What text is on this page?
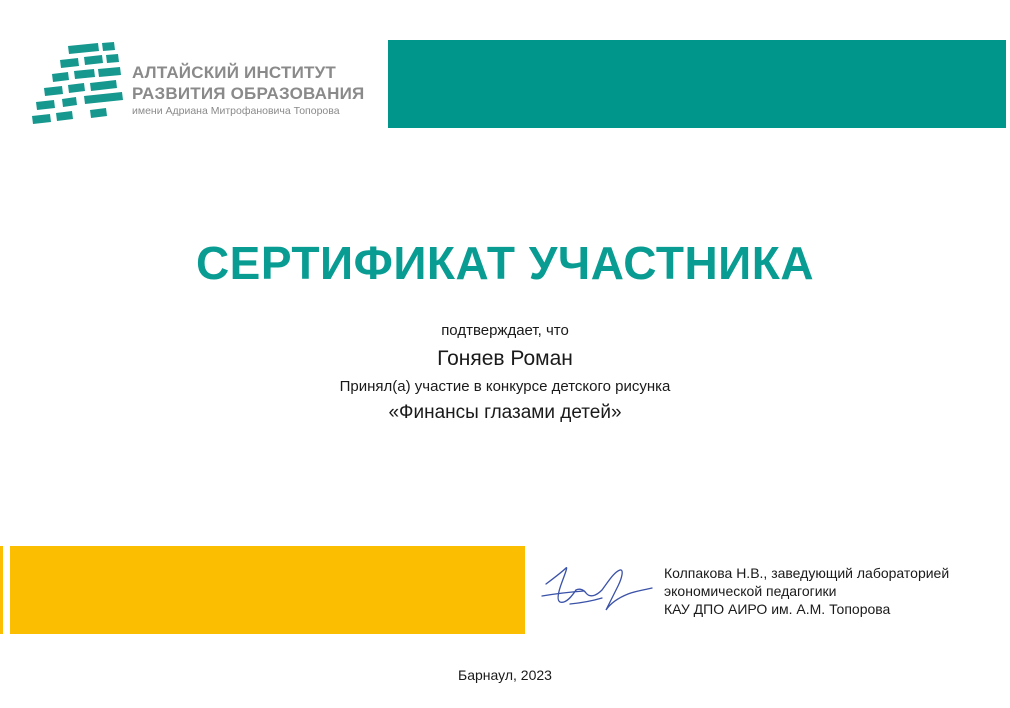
АЛТАЙСКИЙ ИНСТИТУТ
РАЗВИТИЯ ОБРАЗОВАНИЯ
имени Адриана Митрофановича Топорова
СЕРТИФИКАТ УЧАСТНИКА
подтверждает, что
Гоняев Роман
Принял(а) участие в конкурсе детского рисунка
«Финансы глазами детей»
Колпакова Н.В., заведующий лабораторией
экономической педагогики
КАУ ДПО АИРО им. А.М. Топорова
Барнаул, 2023
